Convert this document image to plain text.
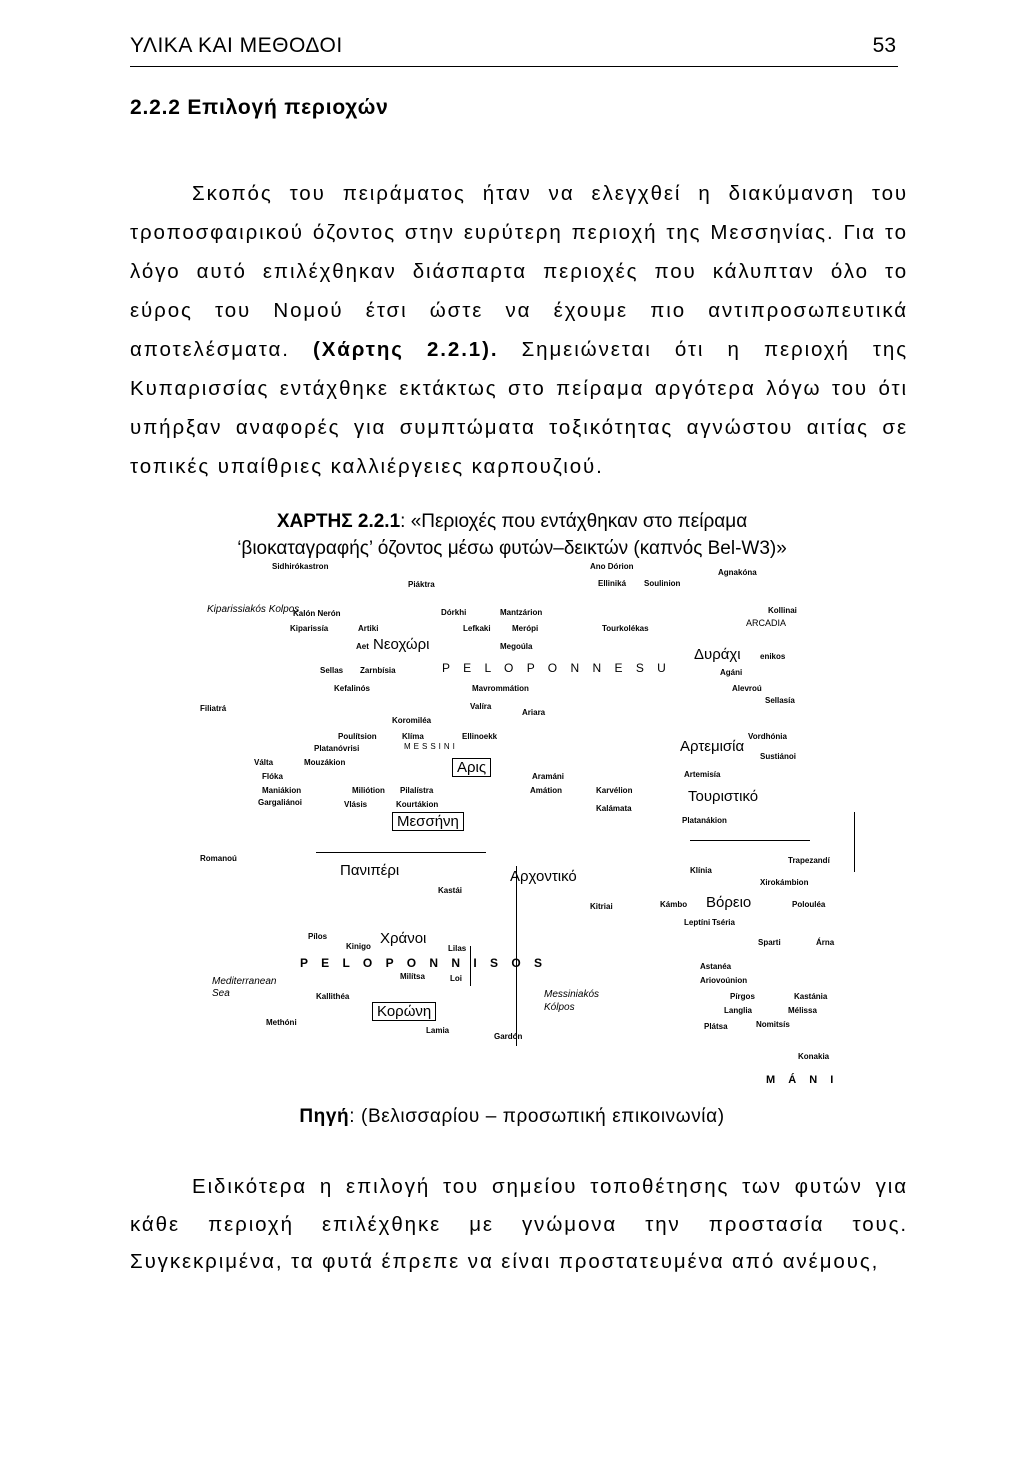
ΥΛΙΚΑ ΚΑΙ ΜΕΘΟΔΟΙ	53
2.2.2 Επιλογή περιοχών

Σκοπός του πειράματος ήταν να ελεγχθεί η διακύμανση του τροποσφαιρικού όζοντος στην ευρύτερη περιοχή της Μεσσηνίας. Για το λόγο αυτό επιλέχθηκαν διάσπαρτα περιοχές που κάλυπταν όλο το εύρος του Νομού έτσι ώστε να έχουμε πιο αντιπροσωπευτικά αποτελέσματα. (Χάρτης 2.2.1). Σημειώνεται ότι η περιοχή της Κυπαρισσίας εντάχθηκε εκτάκτως στο πείραμα αργότερα λόγω του ότι υπήρξαν αναφορές για συμπτώματα τοξικότητας αγνώστου αιτίας σε τοπικές υπαίθριες καλλιέργειες καρπουζιού.

ΧΑΡΤΗΣ 2.2.1: «Περιοχές που εντάχθηκαν στο πείραμα
‘βιοκαταγραφής’ όζοντος μέσω φυτών–δεικτών (καπνός Bel-W3)»
Sidhirókastron	Ano Dórion
Agnakóna
Piáktra	Elliniká Soulinion
Kiparissiakós Kolpos
Kalón Nerón	Dórkhi	Mantzárion	Kollinai
Kiparissía	Artiki	Lefkaki	Merópi	Tourkolékas
ARCADIA
Aet Νεοχώρι	Megoúla	Δυράχι enikos
Sellas Zarnbísia	P E L O P O N N E S U	Agáni
Kefalinós	Mavrommátion	Alevroú
Filiatrá	Valíra
Ariara
Sellasía
Koromiléa
Poulítsion	Klíma	Ellinoekk	Vordhónia
Platanóvrisi	MESSINI	Αρτεμισία
Sustiánoi
Válta	Mouzákion	Αρις
Flóka	Aramáni	Artemisía
Maniákion	Miliótion Pilalístra	Amátion	Karvélion	Τουριστικό
Gargaliánoi	Vlásis	Kourtákion	Kalámata
Μεσσήνη	Platanákion
Romanoú	Trapezandí
Πανιπέρι	Αρχοντικό	Klínia
Xirokámbion
Kastái
Kitriai	Kámbo Βόρειο	Polouléa
Leptíni Tséria
Pílos
Kinigo Χράνοι
Lilas
Sparti	Árna
P E L O P O N N I S O S
Milítsa	Loi
Astanéa
Ariovoúnion
Mediterranean Sea	Kallithéa	Messiniakós Kólpos
Pírgos	Kastánia
Κορώνη	Langlia	Mélissa
Methóni	Plátsa	Nomitsís
Lamia
Gardón
Konakia
M Á N I
Πηγή: (Βελισσαρίου – προσωπική επικοινωνία)

Ειδικότερα η επιλογή του σημείου τοποθέτησης των φυτών για κάθε περιοχή επιλέχθηκε με γνώμονα την προστασία τους. Συγκεκριμένα, τα φυτά έπρεπε να είναι προστατευμένα από ανέμους,
